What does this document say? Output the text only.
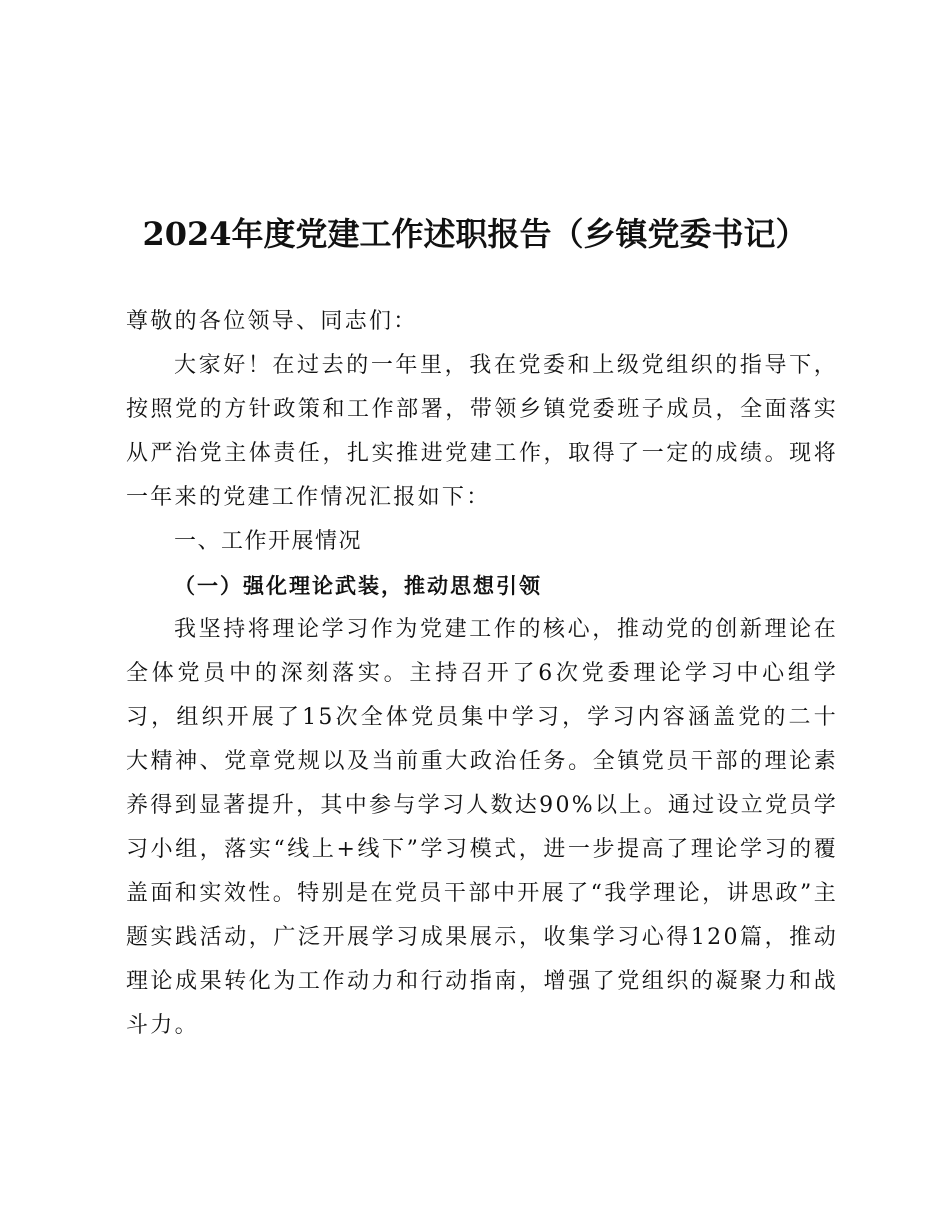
2024年度党建工作述职报告（乡镇党委书记）

尊敬的各位领导、同志们：

大家好！在过去的一年里，我在党委和上级党组织的指导下，按照党的方针政策和工作部署，带领乡镇党委班子成员，全面落实从严治党主体责任，扎实推进党建工作，取得了一定的成绩。现将一年来的党建工作情况汇报如下：

一、工作开展情况

（一）强化理论武装，推动思想引领

我坚持将理论学习作为党建工作的核心，推动党的创新理论在全体党员中的深刻落实。主持召开了6次党委理论学习中心组学习，组织开展了15次全体党员集中学习，学习内容涵盖党的二十大精神、党章党规以及当前重大政治任务。全镇党员干部的理论素养得到显著提升，其中参与学习人数达90%以上。通过设立党员学习小组，落实“线上+线下”学习模式，进一步提高了理论学习的覆盖面和实效性。特别是在党员干部中开展了“我学理论，讲思政”主题实践活动，广泛开展学习成果展示，收集学习心得120篇，推动理论成果转化为工作动力和行动指南，增强了党组织的凝聚力和战斗力。
